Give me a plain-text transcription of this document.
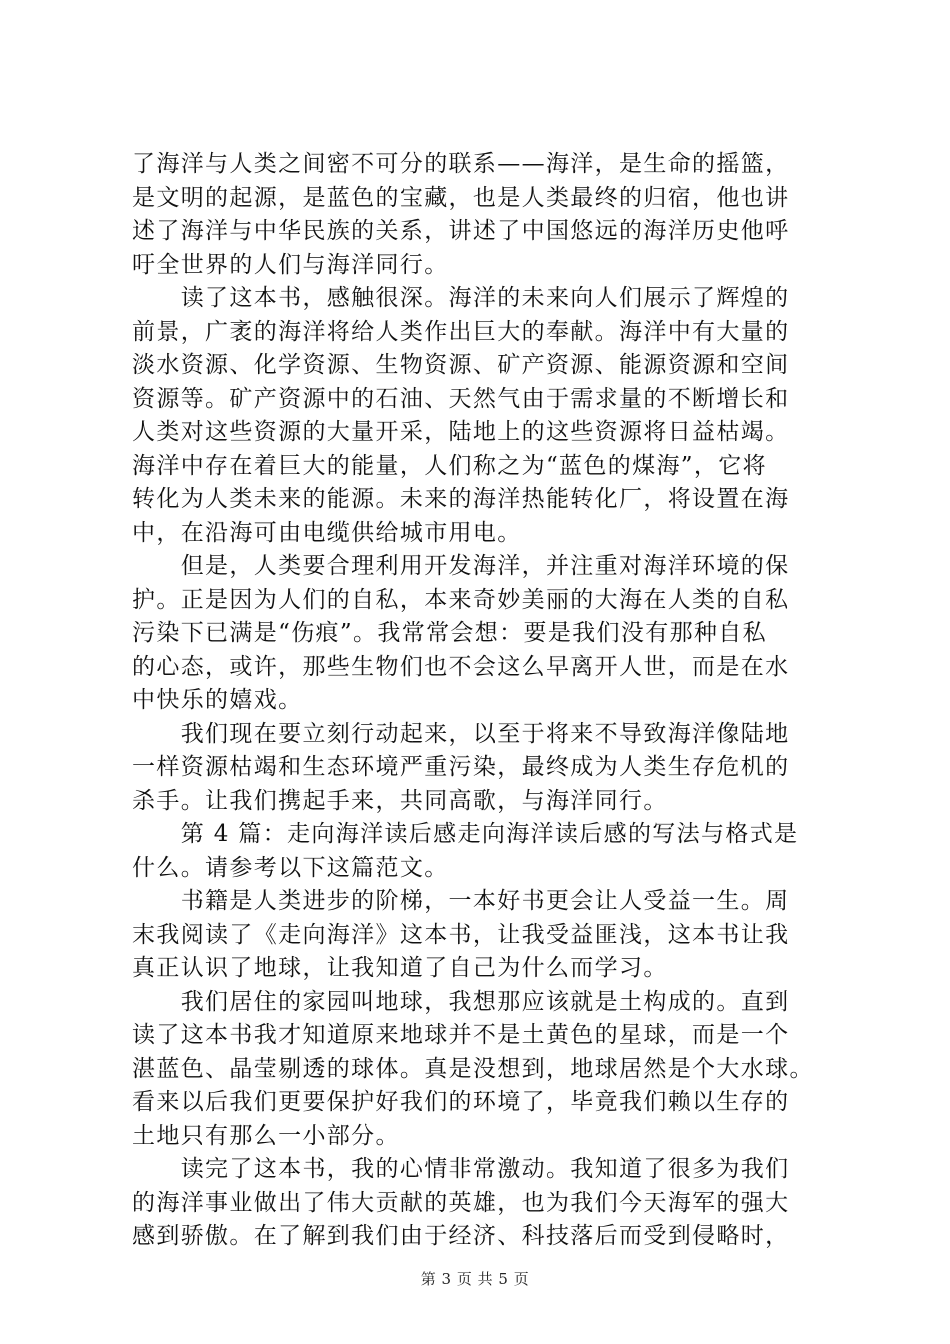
了海洋与人类之间密不可分的联系——海洋，是生命的摇篮，
是文明的起源，是蓝色的宝藏，也是人类最终的归宿，他也讲
述了海洋与中华民族的关系，讲述了中国悠远的海洋历史他呼
吁全世界的人们与海洋同行。
　　读了这本书，感触很深。海洋的未来向人们展示了辉煌的
前景，广袤的海洋将给人类作出巨大的奉献。海洋中有大量的
淡水资源、化学资源、生物资源、矿产资源、能源资源和空间
资源等。矿产资源中的石油、天然气由于需求量的不断增长和
人类对这些资源的大量开采，陆地上的这些资源将日益枯竭。
海洋中存在着巨大的能量，人们称之为“蓝色的煤海”，它将
转化为人类未来的能源。未来的海洋热能转化厂，将设置在海
中，在沿海可由电缆供给城市用电。
　　但是，人类要合理利用开发海洋，并注重对海洋环境的保
护。正是因为人们的自私，本来奇妙美丽的大海在人类的自私
污染下已满是“伤痕”。我常常会想：要是我们没有那种自私
的心态，或许，那些生物们也不会这么早离开人世，而是在水
中快乐的嬉戏。
　　我们现在要立刻行动起来，以至于将来不导致海洋像陆地
一样资源枯竭和生态环境严重污染，最终成为人类生存危机的
杀手。让我们携起手来，共同高歌，与海洋同行。
　　第 4 篇：走向海洋读后感走向海洋读后感的写法与格式是
什么。请参考以下这篇范文。
　　书籍是人类进步的阶梯，一本好书更会让人受益一生。周
末我阅读了《走向海洋》这本书，让我受益匪浅，这本书让我
真正认识了地球，让我知道了自己为什么而学习。
　　我们居住的家园叫地球，我想那应该就是土构成的。直到
读了这本书我才知道原来地球并不是土黄色的星球，而是一个
湛蓝色、晶莹剔透的球体。真是没想到，地球居然是个大水球。
看来以后我们更要保护好我们的环境了，毕竟我们赖以生存的
土地只有那么一小部分。
　　读完了这本书，我的心情非常激动。我知道了很多为我们
的海洋事业做出了伟大贡献的英雄，也为我们今天海军的强大
感到骄傲。在了解到我们由于经济、科技落后而受到侵略时，
第 3 页 共 5 页
